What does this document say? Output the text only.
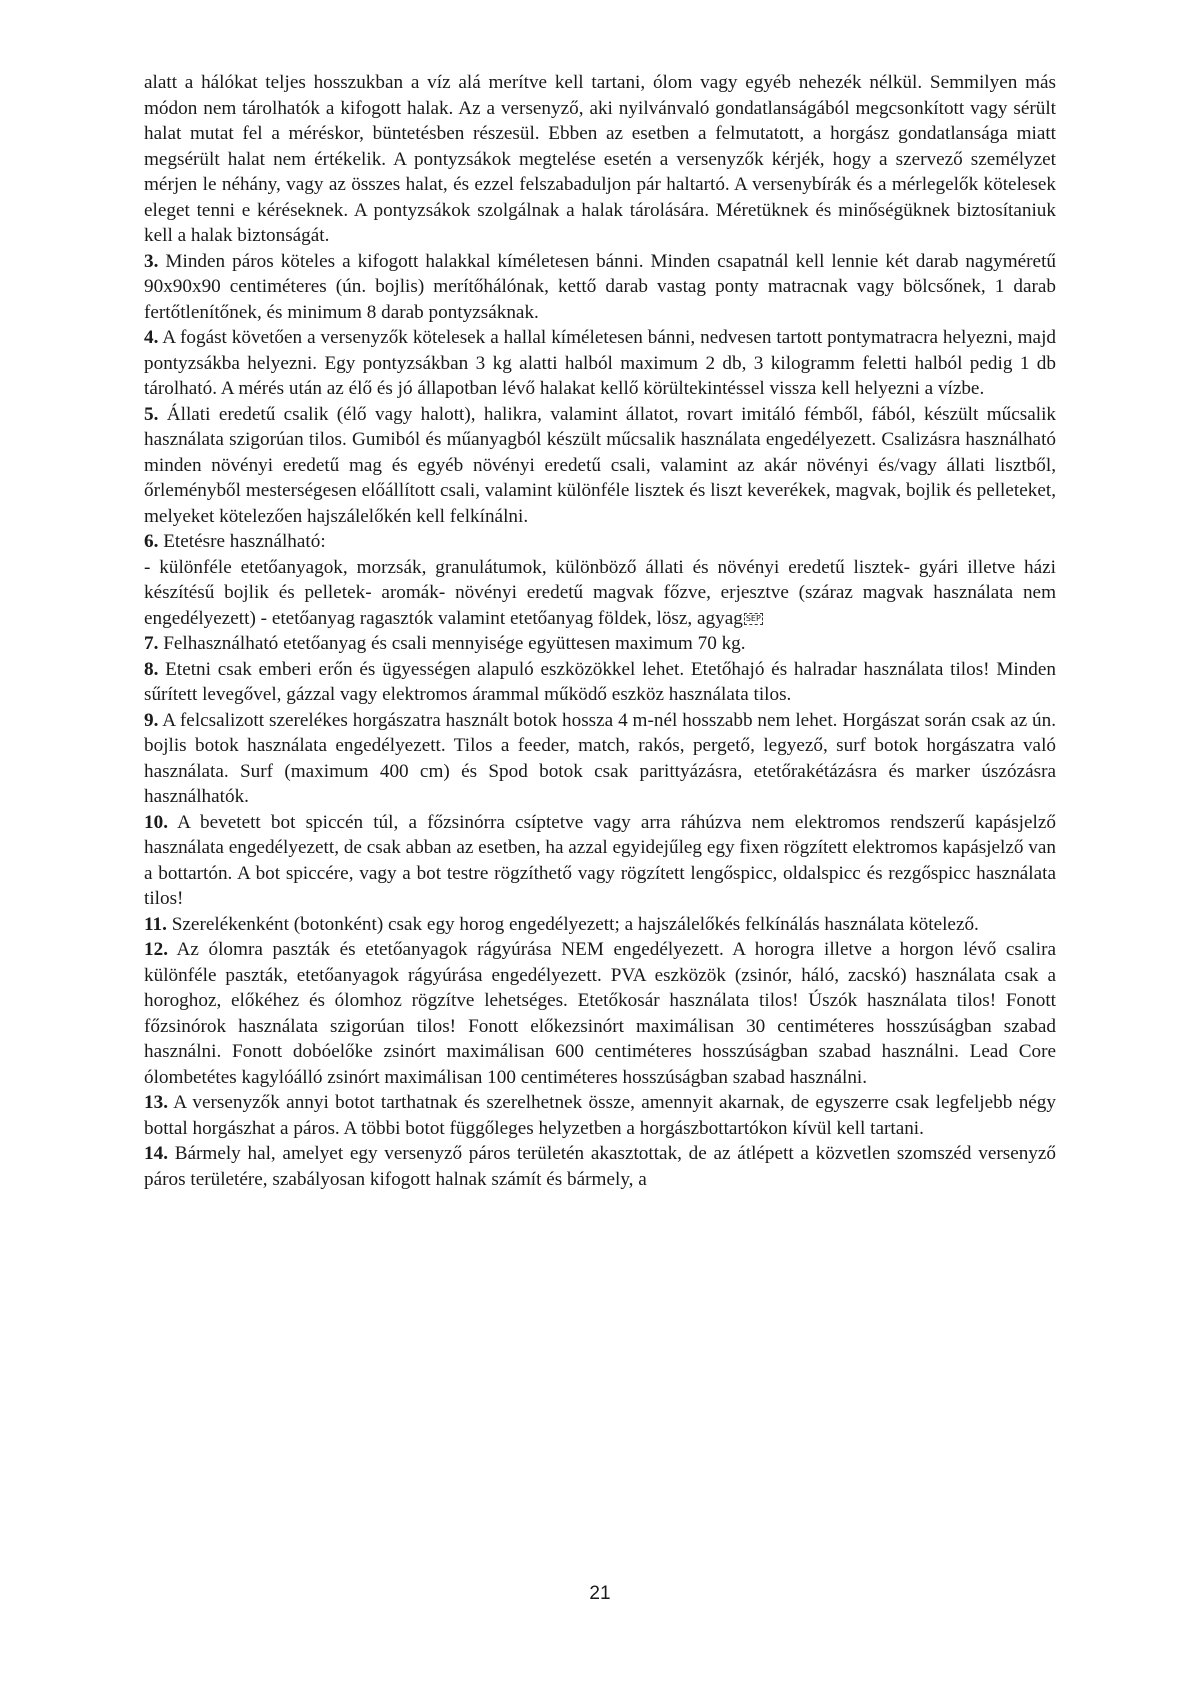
alatt a hálókat teljes hosszukban a víz alá merítve kell tartani, ólom vagy egyéb nehezék nélkül. Semmilyen más módon nem tárolhatók a kifogott halak. Az a versenyző, aki nyilvánvaló gondatlanságából megcsonkított vagy sérült halat mutat fel a méréskor, büntetésben részesül. Ebben az esetben a felmutatott, a horgász gondatlansága miatt megsérült halat nem értékelik. A pontyzsákok megtelése esetén a versenyzők kérjék, hogy a szervező személyzet mérjen le néhány, vagy az összes halat, és ezzel felszabaduljon pár haltartó. A versenybírák és a mérlegelők kötelesek eleget tenni e kéréseknek. A pontyzsákok szolgálnak a halak tárolására. Méretüknek és minőségüknek biztosítaniuk kell a halak biztonságát.

3. Minden páros köteles a kifogott halakkal kíméletesen bánni. Minden csapatnál kell lennie két darab nagyméretű 90x90x90 centiméteres (ún. bojlis) merítőhálónak, kettő darab vastag ponty matracnak vagy bölcsőnek, 1 darab fertőtlenítőnek, és minimum 8 darab pontyzsáknak.

4. A fogást követően a versenyzők kötelesek a hallal kíméletesen bánni, nedvesen tartott pontymatracra helyezni, majd pontyzsákba helyezni. Egy pontyzsákban 3 kg alatti halból maximum 2 db, 3 kilogramm feletti halból pedig 1 db tárolható. A mérés után az élő és jó állapotban lévő halakat kellő körültekintéssel vissza kell helyezni a vízbe.

5. Állati eredetű csalik (élő vagy halott), halikra, valamint állatot, rovart imitáló fémből, fából, készült műcsalik használata szigorúan tilos. Gumiból és műanyagból készült műcsalik használata engedélyezett. Csalizásra használható minden növényi eredetű mag és egyéb növényi eredetű csali, valamint az akár növényi és/vagy állati lisztből, őrleményből mesterségesen előállított csali, valamint különféle lisztek és liszt keverékek, magvak, bojlik és pelleteket, melyeket kötelezően hajszálelőkén kell felkínálni.

6. Etetésre használható:

- különféle etetőanyagok, morzsák, granulátumok, különböző állati és növényi eredetű lisztek- gyári illetve házi készítésű bojlik és pelletek- aromák- növényi eredetű magvak főzve, erjesztve (száraz magvak használata nem engedélyezett) - etetőanyag ragasztók valamint etetőanyag földek, lösz, agyag SEP

7. Felhasználható etetőanyag és csali mennyisége együttesen maximum 70 kg.

8. Etetni csak emberi erőn és ügyességen alapuló eszközökkel lehet. Etetőhajó és halradar használata tilos! Minden sűrített levegővel, gázzal vagy elektromos árammal működő eszköz használata tilos.

9. A felcsalizott szerelékes horgászatra használt botok hossza 4 m-nél hosszabb nem lehet. Horgászat során csak az ún. bojlis botok használata engedélyezett. Tilos a feeder, match, rakós, pergető, legyező, surf botok horgászatra való használata. Surf (maximum 400 cm) és Spod botok csak parittyázásra, etetőrakétázásra és marker úszózásra használhatók.

10. A bevetett bot spiccén túl, a főzsinórra csíptetve vagy arra ráhúzva nem elektromos rendszerű kapásjelző használata engedélyezett, de csak abban az esetben, ha azzal egyidejűleg egy fixen rögzített elektromos kapásjelző van a bottartón. A bot spiccére, vagy a bot testre rögzíthető vagy rögzített lengőspicc, oldalspicc és rezgőspicc használata tilos!

11. Szerelékenként (botonként) csak egy horog engedélyezett; a hajszálelőkés felkínálás használata kötelező.

12. Az ólomra paszták és etetőanyagok rágyúrása NEM engedélyezett. A horogra illetve a horgon lévő csalira különféle paszták, etetőanyagok rágyúrása engedélyezett. PVA eszközök (zsinór, háló, zacskó) használata csak a horoghoz, előkéhez és ólomhoz rögzítve lehetséges. Etetőkosár használata tilos! Úszók használata tilos! Fonott főzsinórok használata szigorúan tilos! Fonott előkezsinórt maximálisan 30 centiméteres hosszúságban szabad használni. Fonott dobóelőke zsinórt maximálisan 600 centiméteres hosszúságban szabad használni. Lead Core ólombetétes kagylóálló zsinórt maximálisan 100 centiméteres hosszúságban szabad használni.

13. A versenyzők annyi botot tarthatnak és szerelhetnek össze, amennyit akarnak, de egyszerre csak legfeljebb négy bottal horgászhat a páros. A többi botot függőleges helyzetben a horgászbottartókon kívül kell tartani.

14. Bármely hal, amelyet egy versenyző páros területén akasztottak, de az átlépett a közvetlen szomszéd versenyző páros területére, szabályosan kifogott halnak számít és bármely, a

21
